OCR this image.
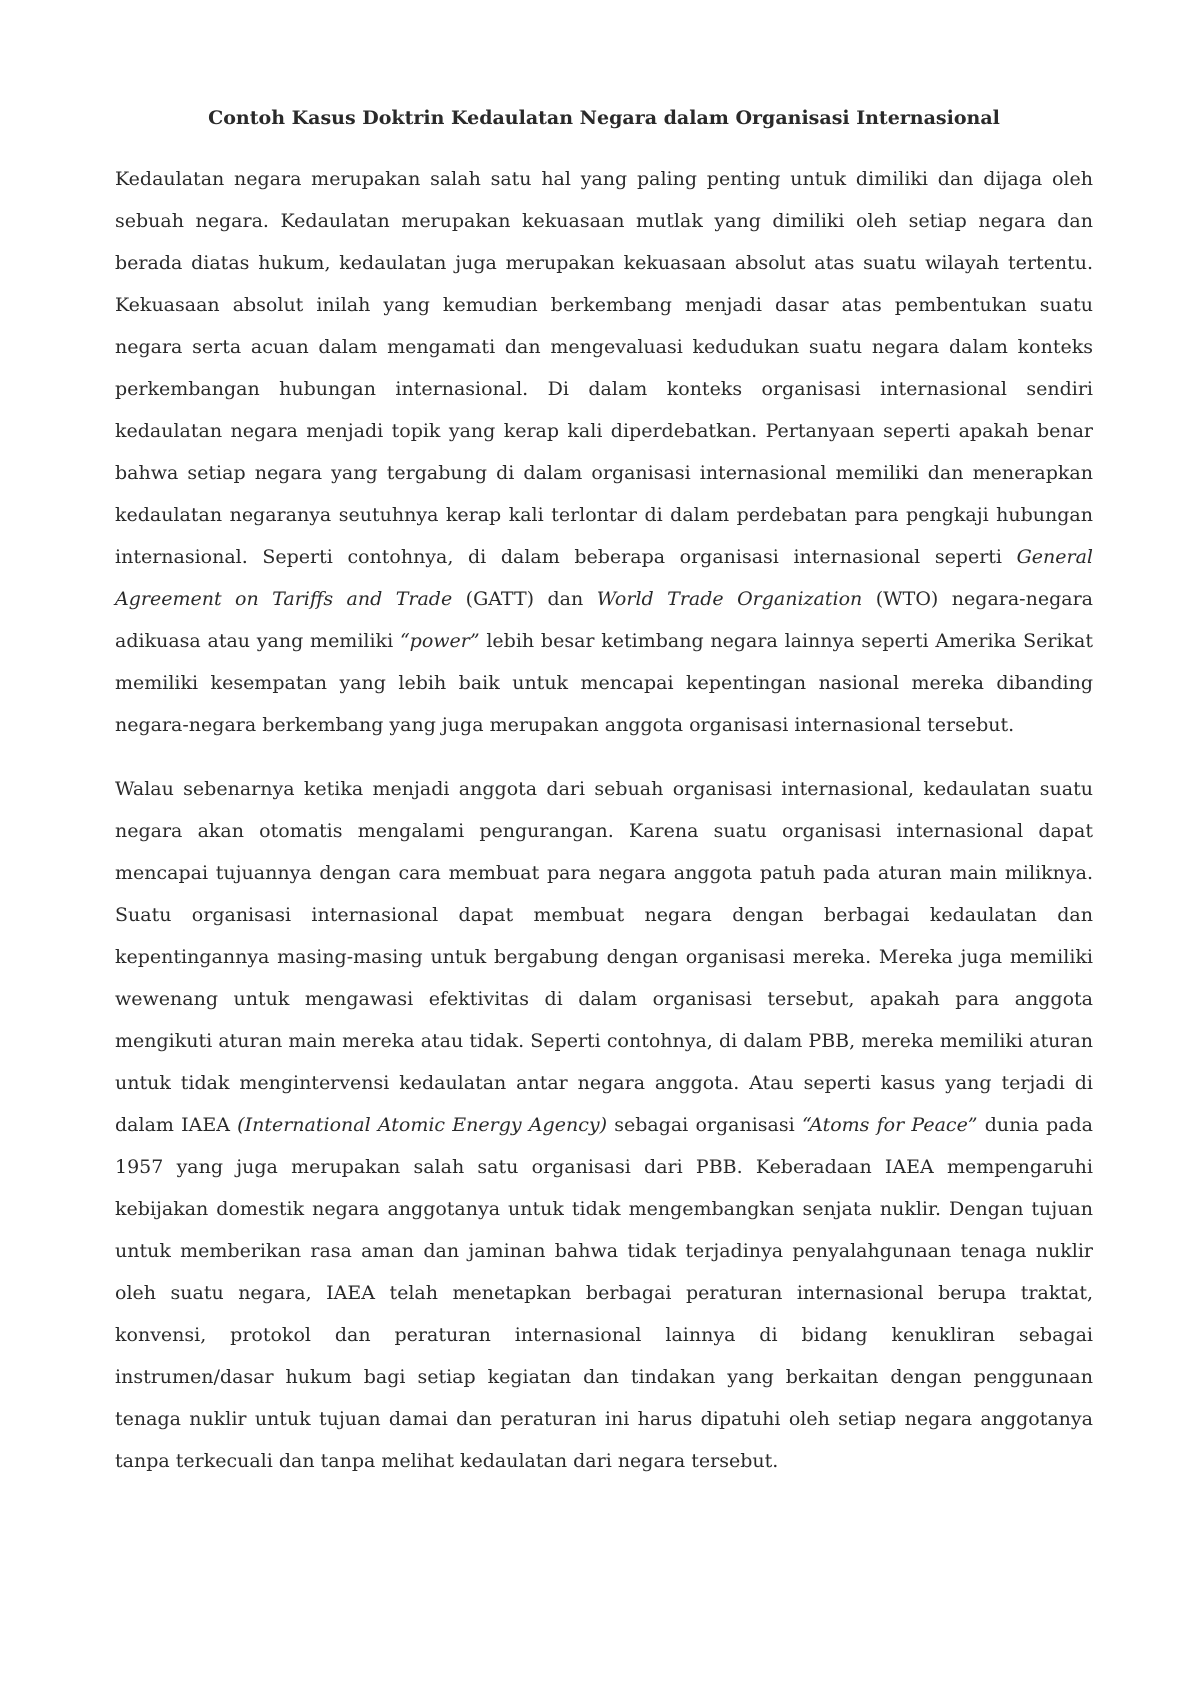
Contoh Kasus Doktrin Kedaulatan Negara dalam Organisasi Internasional

Kedaulatan negara merupakan salah satu hal yang paling penting untuk dimiliki dan dijaga oleh sebuah negara. Kedaulatan merupakan kekuasaan mutlak yang dimiliki oleh setiap negara dan berada diatas hukum, kedaulatan juga merupakan kekuasaan absolut atas suatu wilayah tertentu. Kekuasaan absolut inilah yang kemudian berkembang menjadi dasar atas pembentukan suatu negara serta acuan dalam mengamati dan mengevaluasi kedudukan suatu negara dalam konteks perkembangan hubungan internasional. Di dalam konteks organisasi internasional sendiri kedaulatan negara menjadi topik yang kerap kali diperdebatkan. Pertanyaan seperti apakah benar bahwa setiap negara yang tergabung di dalam organisasi internasional memiliki dan menerapkan kedaulatan negaranya seutuhnya kerap kali terlontar di dalam perdebatan para pengkaji hubungan internasional. Seperti contohnya, di dalam beberapa organisasi internasional seperti General Agreement on Tariffs and Trade (GATT) dan World Trade Organization (WTO) negara-negara adikuasa atau yang memiliki “power” lebih besar ketimbang negara lainnya seperti Amerika Serikat memiliki kesempatan yang lebih baik untuk mencapai kepentingan nasional mereka dibanding negara-negara berkembang yang juga merupakan anggota organisasi internasional tersebut.

Walau sebenarnya ketika menjadi anggota dari sebuah organisasi internasional, kedaulatan suatu negara akan otomatis mengalami pengurangan. Karena suatu organisasi internasional dapat mencapai tujuannya dengan cara membuat para negara anggota patuh pada aturan main miliknya. Suatu organisasi internasional dapat membuat negara dengan berbagai kedaulatan dan kepentingannya masing-masing untuk bergabung dengan organisasi mereka. Mereka juga memiliki wewenang untuk mengawasi efektivitas di dalam organisasi tersebut, apakah para anggota mengikuti aturan main mereka atau tidak. Seperti contohnya, di dalam PBB, mereka memiliki aturan untuk tidak mengintervensi kedaulatan antar negara anggota. Atau seperti kasus yang terjadi di dalam IAEA (International Atomic Energy Agency) sebagai organisasi “Atoms for Peace” dunia pada 1957 yang juga merupakan salah satu organisasi dari PBB. Keberadaan IAEA mempengaruhi kebijakan domestik negara anggotanya untuk tidak mengembangkan senjata nuklir. Dengan tujuan untuk memberikan rasa aman dan jaminan bahwa tidak terjadinya penyalahgunaan tenaga nuklir oleh suatu negara, IAEA telah menetapkan berbagai peraturan internasional berupa traktat, konvensi, protokol dan peraturan internasional lainnya di bidang kenukliran sebagai instrumen/dasar hukum bagi setiap kegiatan dan tindakan yang berkaitan dengan penggunaan tenaga nuklir untuk tujuan damai dan peraturan ini harus dipatuhi oleh setiap negara anggotanya tanpa terkecuali dan tanpa melihat kedaulatan dari negara tersebut.
